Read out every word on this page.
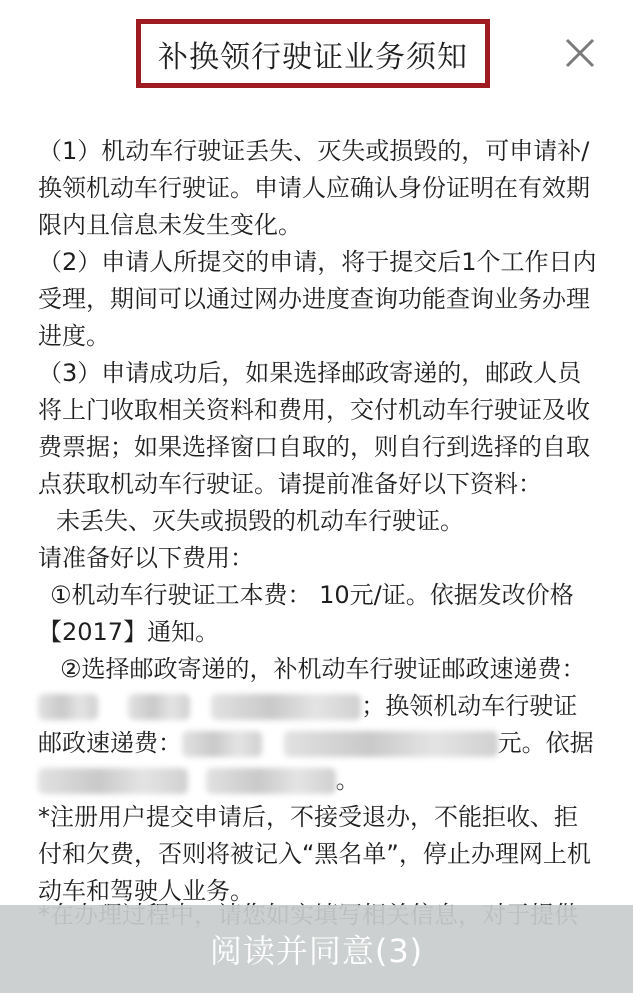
补换领行驶证业务须知
（1）机动车行驶证丢失、灭失或损毁的，可申请补/
换领机动车行驶证。申请人应确认身份证明在有效期
限内且信息未发生变化。
（2）申请人所提交的申请，将于提交后1个工作日内
受理，期间可以通过网办进度查询功能查询业务办理
进度。
（3）申请成功后，如果选择邮政寄递的，邮政人员
将上门收取相关资料和费用，交付机动车行驶证及收
费票据；如果选择窗口自取的，则自行到选择的自取
点获取机动车行驶证。请提前准备好以下资料：
未丢失、灭失或损毁的机动车行驶证。
请准备好以下费用：
①机动车行驶证工本费： 10元/证。依据发改价格
【2017】通知。
②选择邮政寄递的，补机动车行驶证邮政速递费：
；换领机动车行驶证
邮政速递费：	元。依据
。
*注册用户提交申请后，不接受退办，不能拒收、拒
付和欠费，否则将被记入“黑名单”，停止办理网上机
动车和驾驶人业务。
阅读并同意(3)
